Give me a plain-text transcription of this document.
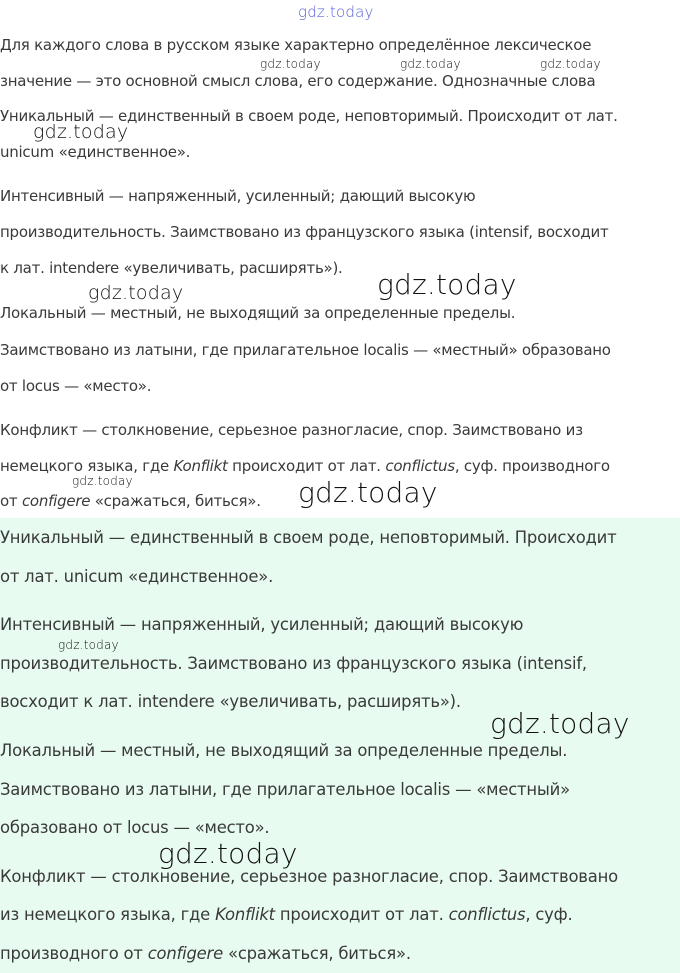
Для каждого слова в русском языке характерно определённое лексическое
значение — это основной смысл слова, его содержание. Однозначные слова
Уникальный — единственный в своем роде, неповторимый. Происходит от лат.
unicum «единственное».
Интенсивный — напряженный, усиленный; дающий высокую
производительность. Заимствовано из французского языка (intensif, восходит
к лат. intendere «увеличивать, расширять»).
Локальный — местный, не выходящий за определенные пределы.
Заимствовано из латыни, где прилагательное localis — «местный» образовано
от locus — «место».
Конфликт — столкновение, серьезное разногласие, спор. Заимствовано из
немецкого языка, где Konflikt происходит от лат. conflictus, суф. производного
от configere «сражаться, биться».
Уникальный — единственный в своем роде, неповторимый. Происходит
от лат. unicum «единственное».
Интенсивный — напряженный, усиленный; дающий высокую
производительность. Заимствовано из французского языка (intensif,
восходит к лат. intendere «увеличивать, расширять»).
Локальный — местный, не выходящий за определенные пределы.
Заимствовано из латыни, где прилагательное localis — «местный»
образовано от locus — «место».
Конфликт — столкновение, серьезное разногласие, спор. Заимствовано
из немецкого языка, где Konflikt происходит от лат. conflictus, суф.
производного от configere «сражаться, биться».
gdz.today
gdz.today	gdz.today	gdz.today
gdz.today
gdz.today	gdz.today
gdz.today	gdz.today
gdz.today
gdz.today
gdz.today
